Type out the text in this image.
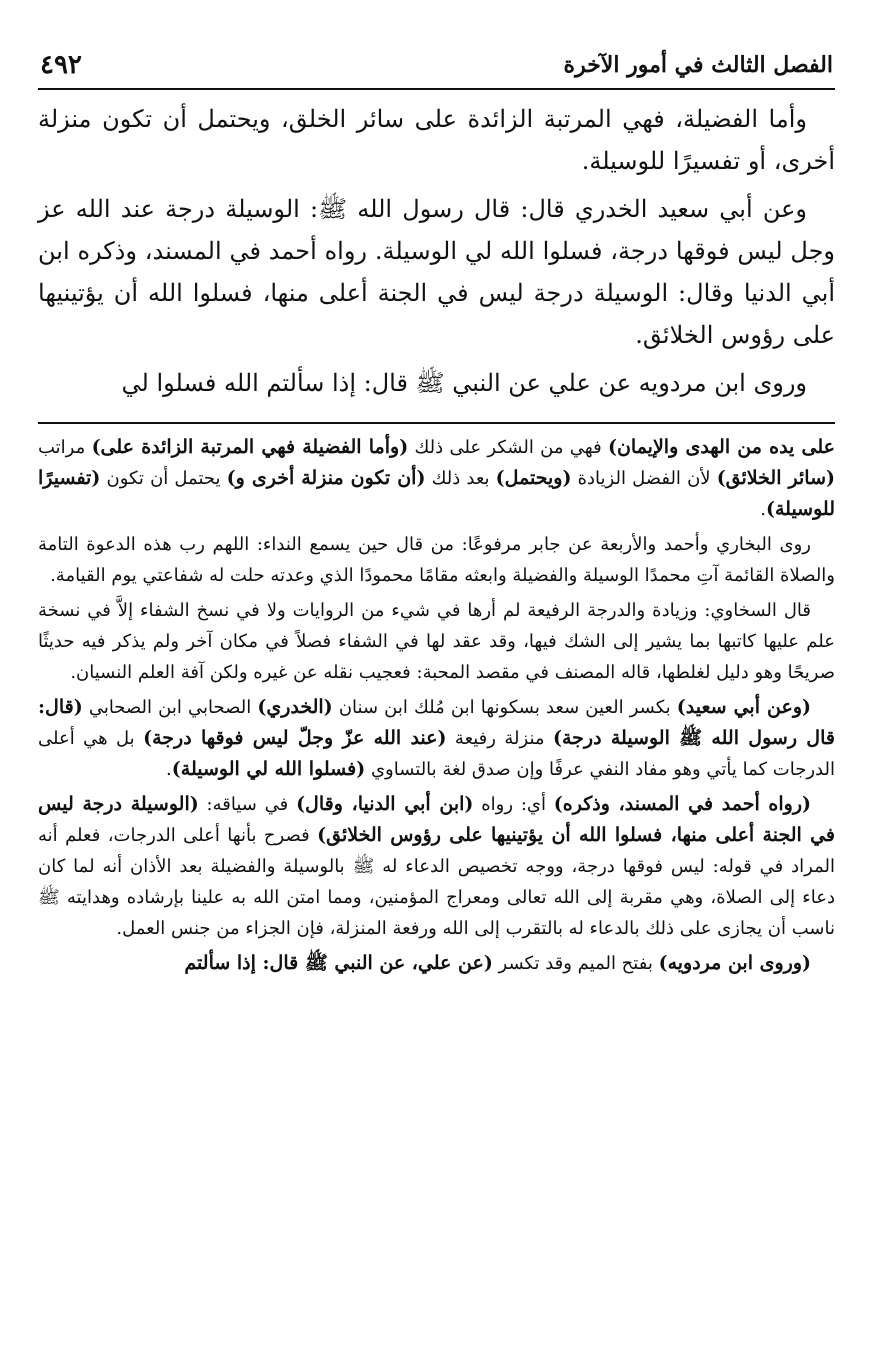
الفصل الثالث في أمور الآخرة
٤٩٢

وأما الفضيلة، فهي المرتبة الزائدة على سائر الخلق، ويحتمل أن تكون منزلة أخرى، أو تفسيرًا للوسيلة.

وعن أبي سعيد الخدري قال: قال رسول الله ﷺ: الوسيلة درجة عند الله عز وجل ليس فوقها درجة، فسلوا الله لي الوسيلة. رواه أحمد في المسند، وذكره ابن أبي الدنيا وقال: الوسيلة درجة ليس في الجنة أعلى منها، فسلوا الله أن يؤتينيها على رؤوس الخلائق.

وروى ابن مردويه عن علي عن النبي ﷺ قال: إذا سألتم الله فسلوا لي

على يده من الهدى والإيمان) فهي من الشكر على ذلك (وأما الفضيلة فهي المرتبة الزائدة على) مراتب (سائر الخلائق) لأن الفضل الزيادة (ويحتمل) بعد ذلك (أن تكون منزلة أخرى و) يحتمل أن تكون (تفسيرًا للوسيلة).

روى البخاري وأحمد والأربعة عن جابر مرفوعًا: من قال حين يسمع النداء: اللهم رب هذه الدعوة التامة والصلاة القائمة آتِ محمدًا الوسيلة والفضيلة وابعثه مقامًا محمودًا الذي وعدته حلت له شفاعتي يوم القيامة.

قال السخاوي: وزيادة والدرجة الرفيعة لم أرها في شيء من الروايات ولا في نسخ الشفاء إلاَّ في نسخة علم عليها كاتبها بما يشير إلى الشك فيها، وقد عقد لها في الشفاء فصلاً في مكان آخر ولم يذكر فيه حديثًا صريحًا وهو دليل لغلطها، قاله المصنف في مقصد المحبة: فعجيب نقله عن غيره ولكن آفة العلم النسيان.

(وعن أبي سعيد) بكسر العين سعد بسكونها ابن مُلك ابن سنان (الخدري) الصحابي ابن الصحابي (قال: قال رسول الله ﷺ الوسيلة درجة) منزلة رفيعة (عند الله عزّ وجلّ ليس فوقها درجة) بل هي أعلى الدرجات كما يأتي وهو مفاد النفي عرفًا وإن صدق لغة بالتساوي (فسلوا الله لي الوسيلة).

(رواه أحمد في المسند، وذكره) أي: رواه (ابن أبي الدنيا، وقال) في سياقه: (الوسيلة درجة ليس في الجنة أعلى منها، فسلوا الله أن يؤتينيها على رؤوس الخلائق) فصرح بأنها أعلى الدرجات، فعلم أنه المراد في قوله: ليس فوقها درجة، ووجه تخصيص الدعاء له ﷺ بالوسيلة والفضيلة بعد الأذان أنه لما كان دعاء إلى الصلاة، وهي مقربة إلى الله تعالى ومعراج المؤمنين، ومما امتن الله به علينا بإرشاده وهدايته ﷺ ناسب أن يجازى على ذلك بالدعاء له بالتقرب إلى الله ورفعة المنزلة، فإن الجزاء من جنس العمل.

(وروى ابن مردويه) بفتح الميم وقد تكسر (عن علي، عن النبي ﷺ قال: إذا سألتم
